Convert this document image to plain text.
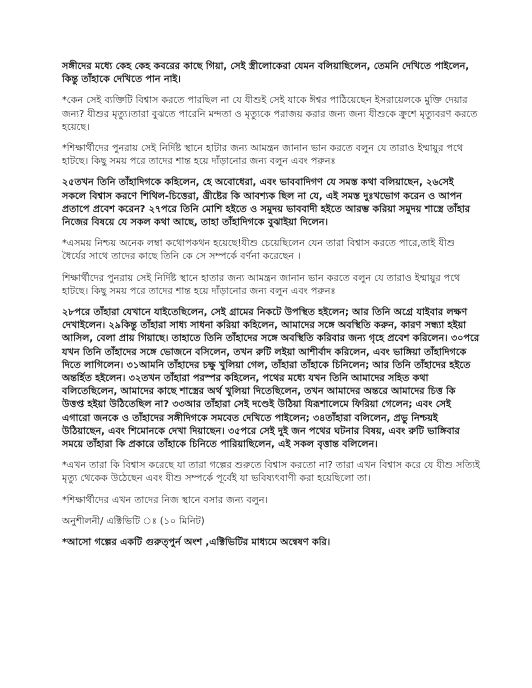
সঙ্গীদের মধ্যে কেহ কেহ কবরের কাছে গিয়া, সেই স্ত্রীলোকেরা যেমন বলিয়াছিলেন, তেমনি দেখিতে পাইলেন, কিন্তু তাঁহাকে দেখিতে পান নাই।

*কেন সেই ব্যক্তিটি বিশ্বাস করতে পারছিল না যে যীশুই সেই যাকে ঈশ্বর পাঠিয়েছেন ইসরায়েলকে মুক্তি দেয়ার জন্য? যীশুর মৃত্যু।তারা বুঝতে পারেনি মন্দতা ও মৃত্যুকে পরাজয় করার জন্য জন্য যীশুকে ক্রুশে মৃত্যুবরণ করতে হয়েছে।

*শিক্ষার্থীদের পুনরায় সেই নির্দিষ্ট স্থানে হাটার জন্য আমন্ত্রন জানান ভান করতে বলুন যে তারাও ইম্মায়ুর পথে হাটছে। কিছু সময় পরে তাদের শান্ত হয়ে দাঁড়ানোর জন্য বলুন এবং পরুনঃ

২৫তখন তিনি তাঁহাদিগকে কহিলেন, হে অবোধেরা, এবং ভাববাদিগণ যে সমস্ত কথা বলিয়াছেন, ২৬সেই সকলে বিশ্বাস করণে শিথিল-চিত্তেরা, খ্রীষ্টের কি আবশ্যক ছিল না যে, এই সমস্ত দুঃখভোগ করেন ও আপন প্রতাপে প্রবেশ করেন? ২৭পরে তিনি মোশি হইতে ও সমুদয় ভাববাদী হইতে আরম্ভ করিয়া সমুদয় শাস্ত্রে তাঁহার নিজের বিষয়ে যে সকল কথা আছে, তাহা তাঁহাদিগকে বুঝাইয়া দিলেন।

*এসময় নিশ্চয় অনেক লম্বা কথোপকথন হয়েছে!যীশু চেয়েছিলেন যেন তারা বিশ্বাস করতে পারে,তাই যীশু ধৈর্যের সাথে তাদের কাছে তিনি কে সে সম্পর্কে বর্ণনা করেছেন ।

শিক্ষার্থীদের পুনরায় সেই নির্দিষ্ট স্থানে হাতার জন্য আমন্ত্রন জানান ভান করতে বলুন যে তারাও ইম্মায়ুর পথে হাটছে। কিছু সময় পরে তাদের শান্ত হয়ে দাঁড়ানোর জন্য বলুন এবং পরুনঃ

২৮পরে তাঁহারা যেখানে যাইতেছিলেন, সেই গ্রামের নিকটে উপস্থিত হইলেন; আর তিনি অগ্রে যাইবার লক্ষণ দেখাইলেন। ২৯কিন্তু তাঁহারা সাধ্য সাধনা করিয়া কহিলেন, আমাদের সঙ্গে অবস্থিতি করুন, কারণ সন্ধ্যা হইয়া আসিল, বেলা প্রায় গিয়াছে। তাহাতে তিনি তাঁহাদের সঙ্গে অবস্থিতি করিবার জন্য গৃহে প্রবেশ করিলেন। ৩০পরে যখন তিনি তাঁহাদের সঙ্গে ভোজনে বসিলেন, তখন রুটি লইয়া আশীর্বাদ করিলেন, এবং ভাঙ্গিয়া তাঁহাদিগকে দিতে লাগিলেন। ৩১আমনি তাঁহাদের চক্ষু খুলিয়া গেল, তাঁহারা তাঁহাকে চিনিলেন; আর তিনি তাঁহাদের হইতে অন্তর্হিত হইলেন। ৩২তখন তাঁহারা পরস্পর কহিলেন, পথের মধ্যে যখন তিনি আমাদের সহিত কথা বলিতেছিলেন, আমাদের কাছে শাস্ত্রের অর্থ খুলিয়া দিতেছিলেন, তখন আমাদের অন্তরে আমাদের চিত্ত কি উত্তপ্ত হইয়া উঠিতেছিল না? ৩৩আর তাঁহারা সেই দণ্ডেই উঠিয়া যিরূশালেমে ফিরিয়া গেলেন; এবং সেই এগারো জনকে ও তাঁহাদের সঙ্গীদিগকে সমবেত দেখিতে পাইলেন; ৩৪তাঁহারা বলিলেন, প্রভু নিশ্চয়ই উঠিয়াছেন, এবং শিমোনকে দেখা দিয়াছেন। ৩৫পরে সেই দুই জন পথের ঘটনার বিষয়, এবং রুটি ভাঙ্গিবার সময়ে তাঁহারা কি প্রকারে তাঁহাকে চিনিতে পারিয়াছিলেন, এই সকল বৃত্তান্ত বলিলেন।

*এখন তারা কি বিশ্বাস করেছে যা তারা গল্পের শুরুতে বিশ্বাস করতো না? তারা এখন বিশ্বাস করে যে যীশু সত্যিই মৃত্যু থেকেক উঠেছেন এবং যীশু সম্পর্কে পূর্বেই যা ভবিষ্যৎবাণী করা হয়েছিলো তা।

*শিক্ষার্থীদের এখন তাদের নিজ স্থানে বসার জন্য বলুন।

অনুশীলনী/ এক্টিভিটি ঃ (১০ মিনিট)

*আসো গল্পের একটি গুরুত্পুর্ন অংশ ,এক্টিভিটির মাধ্যমে অন্বেষণ করি।
